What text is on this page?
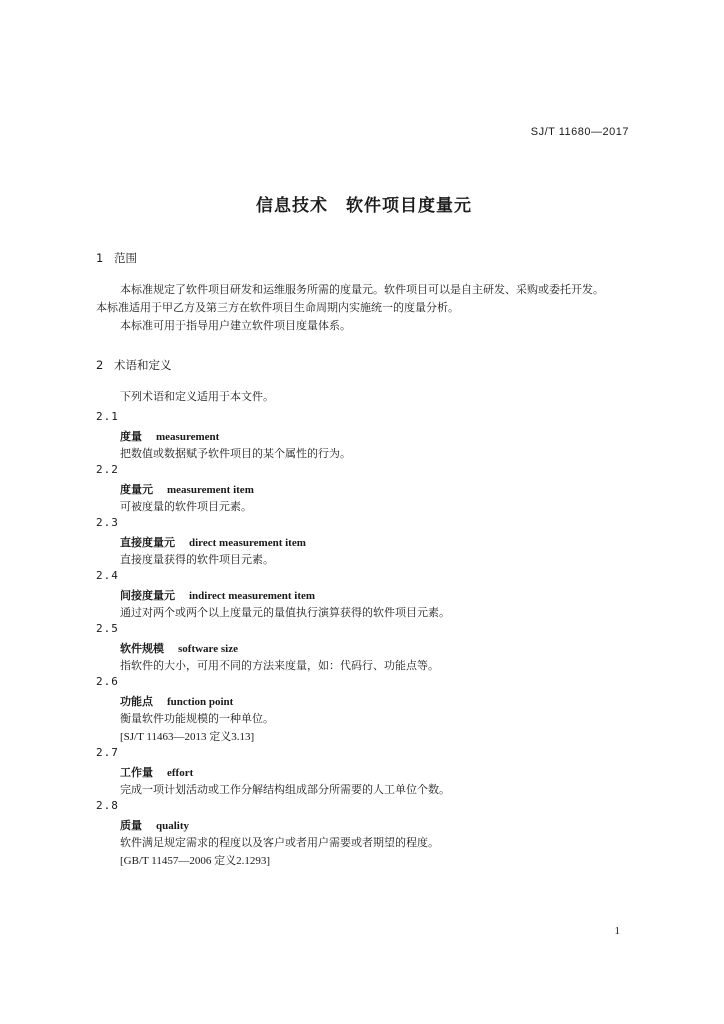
SJ/T 11680—2017
信息技术 软件项目度量元
1 范围
本标准规定了软件项目研发和运维服务所需的度量元。软件项目可以是自主研发、采购或委托开发。
本标准适用于甲乙方及第三方在软件项目生命周期内实施统一的度量分析。
本标准可用于指导用户建立软件项目度量体系。
2 术语和定义
下列术语和定义适用于本文件。
2.1
度量 measurement
把数值或数据赋予软件项目的某个属性的行为。
2.2
度量元 measurement item
可被度量的软件项目元素。
2.3
直接度量元 direct measurement item
直接度量获得的软件项目元素。
2.4
间接度量元 indirect measurement item
通过对两个或两个以上度量元的量值执行演算获得的软件项目元素。
2.5
软件规模 software size
指软件的大小，可用不同的方法来度量，如：代码行、功能点等。
2.6
功能点 function point
衡量软件功能规模的一种单位。
[SJ/T 11463—2013 定义3.13]
2.7
工作量 effort
完成一项计划活动或工作分解结构组成部分所需要的人工单位个数。
2.8
质量 quality
软件满足规定需求的程度以及客户或者用户需要或者期望的程度。
[GB/T 11457—2006 定义2.1293]
1
